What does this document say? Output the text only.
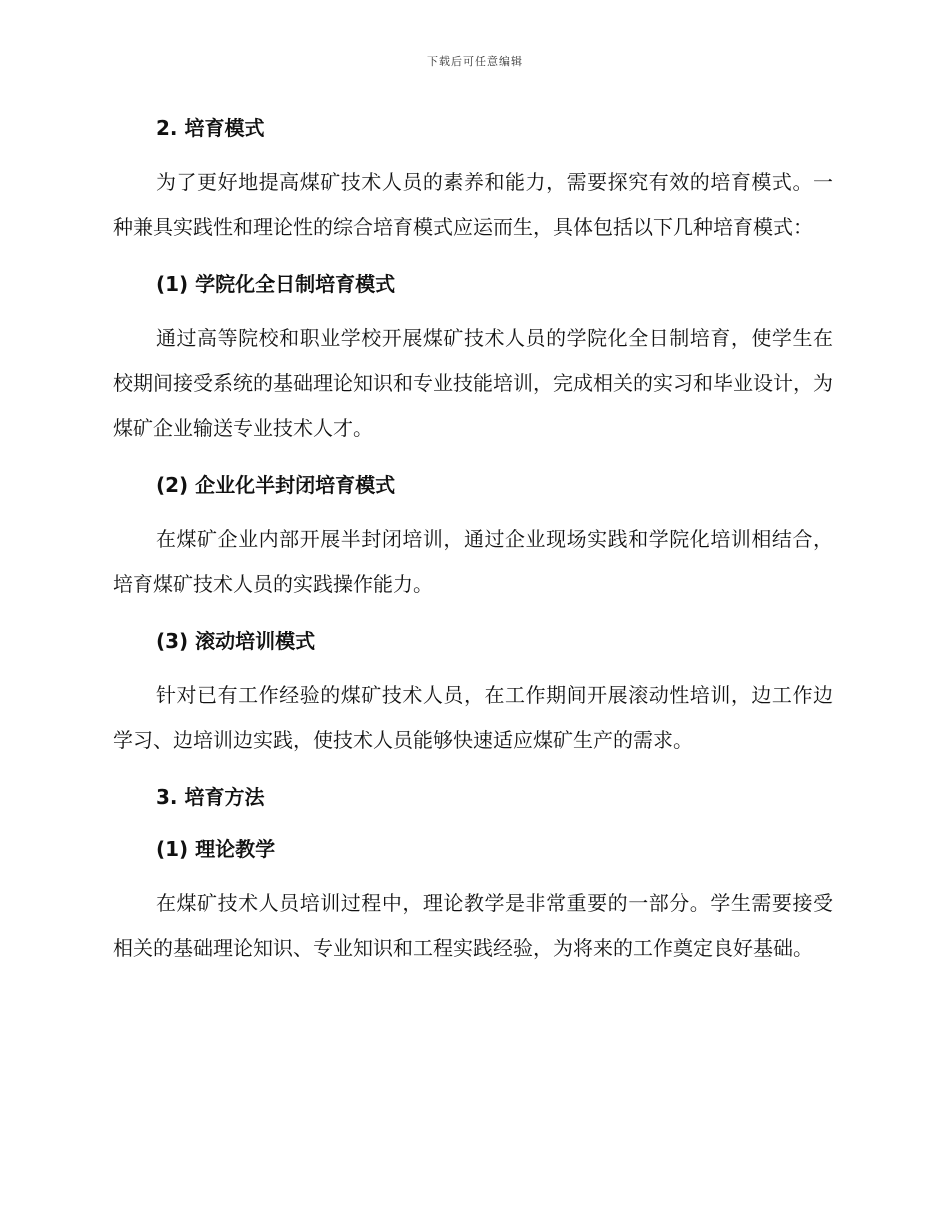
下载后可任意编辑
2. 培育模式

为了更好地提高煤矿技术人员的素养和能力，需要探究有效的培育模式。一种兼具实践性和理论性的综合培育模式应运而生，具体包括以下几种培育模式：

(1) 学院化全日制培育模式

通过高等院校和职业学校开展煤矿技术人员的学院化全日制培育，使学生在校期间接受系统的基础理论知识和专业技能培训，完成相关的实习和毕业设计，为煤矿企业输送专业技术人才。

(2) 企业化半封闭培育模式

在煤矿企业内部开展半封闭培训，通过企业现场实践和学院化培训相结合，培育煤矿技术人员的实践操作能力。

(3) 滚动培训模式

针对已有工作经验的煤矿技术人员，在工作期间开展滚动性培训，边工作边学习、边培训边实践，使技术人员能够快速适应煤矿生产的需求。

3. 培育方法
(1) 理论教学

在煤矿技术人员培训过程中，理论教学是非常重要的一部分。学生需要接受相关的基础理论知识、专业知识和工程实践经验，为将来的工作奠定良好基础。
